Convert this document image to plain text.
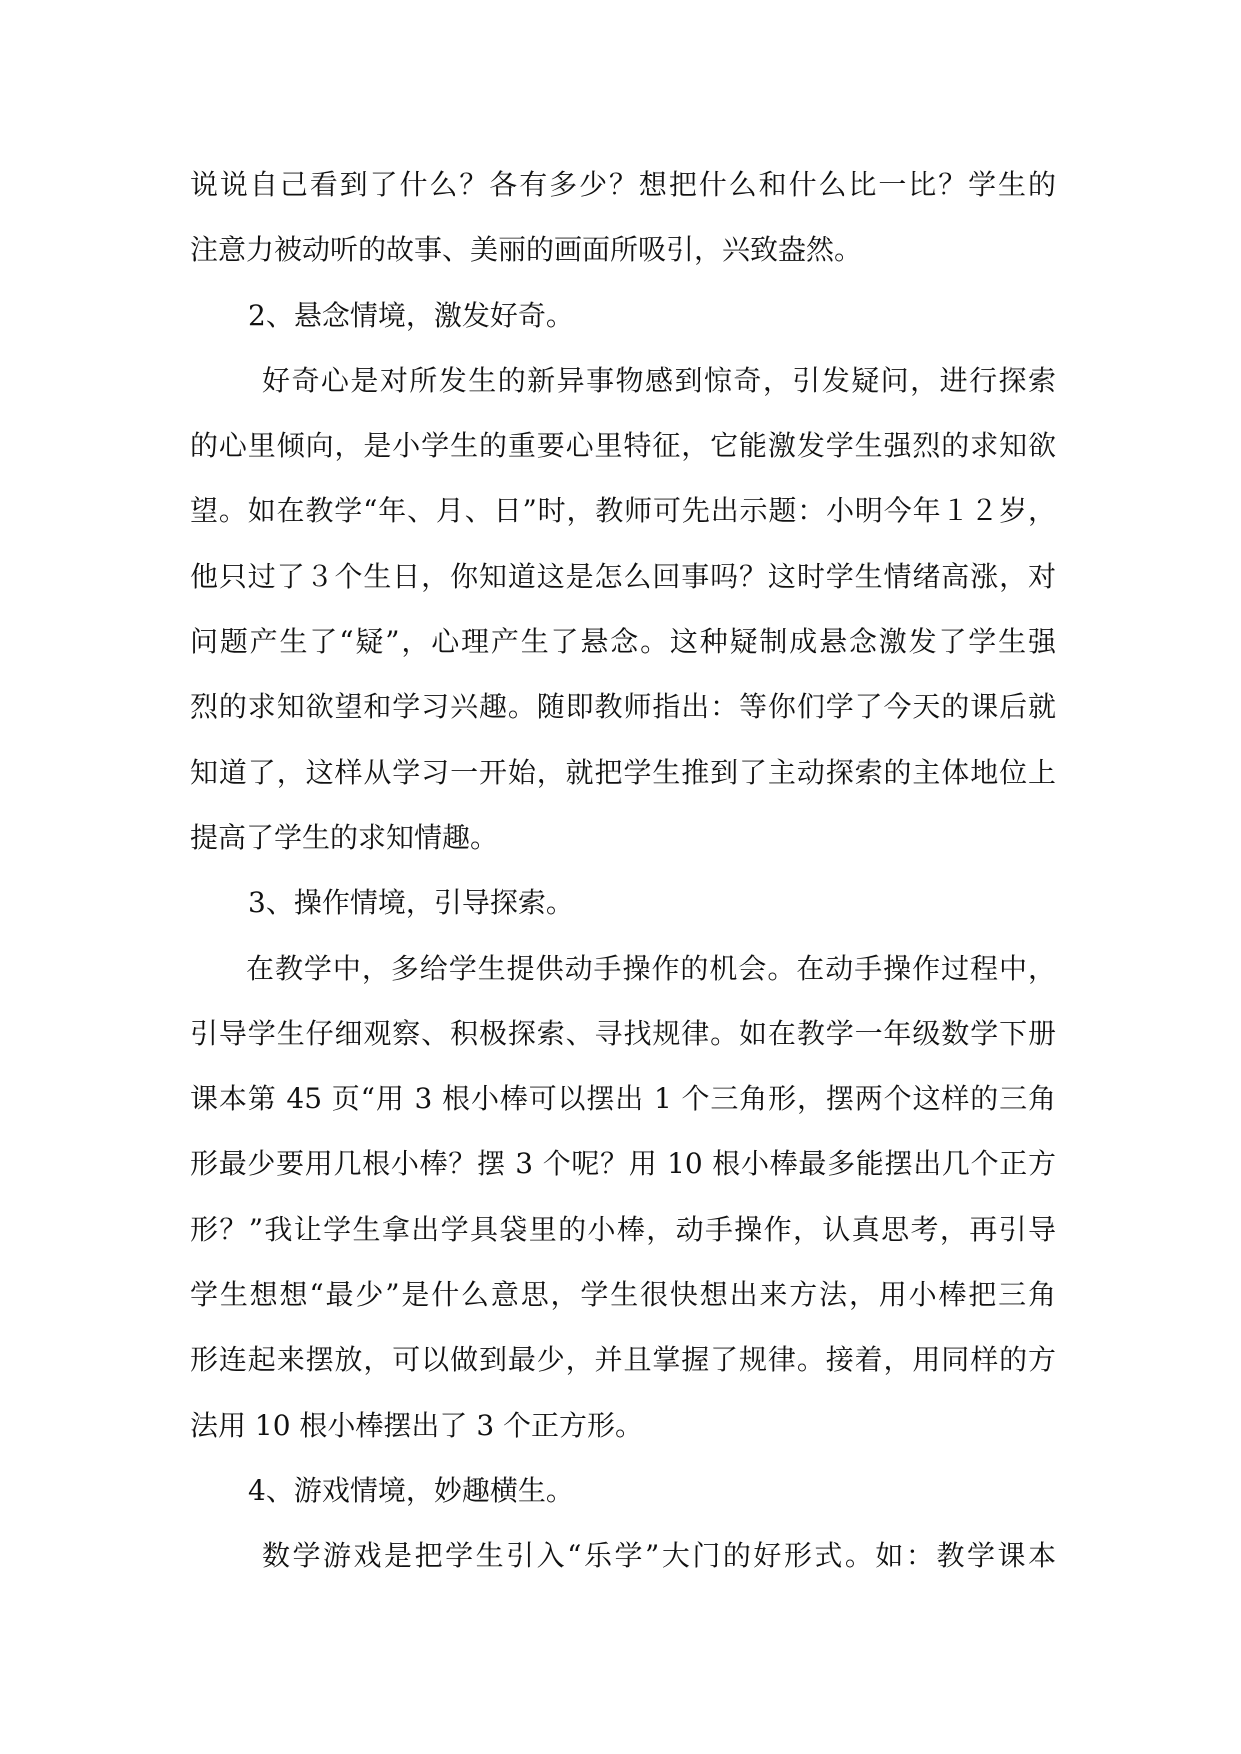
说说自己看到了什么？各有多少？想把什么和什么比一比？学生的
注意力被动听的故事、美丽的画面所吸引，兴致盎然。
2、悬念情境，激发好奇。
好奇心是对所发生的新异事物感到惊奇，引发疑问，进行探索
的心里倾向，是小学生的重要心里特征，它能激发学生强烈的求知欲
望。如在教学“年、月、日”时，教师可先出示题：小明今年１２岁，
他只过了３个生日，你知道这是怎么回事吗？这时学生情绪高涨，对
问题产生了“疑”，心理产生了悬念。这种疑制成悬念激发了学生强
烈的求知欲望和学习兴趣。随即教师指出：等你们学了今天的课后就
知道了，这样从学习一开始，就把学生推到了主动探索的主体地位上
提高了学生的求知情趣。
3、操作情境，引导探索。
在教学中，多给学生提供动手操作的机会。在动手操作过程中，
引导学生仔细观察、积极探索、寻找规律。如在教学一年级数学下册
课本第 45 页“用 3 根小棒可以摆出 1 个三角形，摆两个这样的三角
形最少要用几根小棒？摆 3 个呢？用 10 根小棒最多能摆出几个正方
形？”我让学生拿出学具袋里的小棒，动手操作，认真思考，再引导
学生想想“最少”是什么意思，学生很快想出来方法，用小棒把三角
形连起来摆放，可以做到最少，并且掌握了规律。接着，用同样的方
法用 10 根小棒摆出了 3 个正方形。
4、游戏情境，妙趣横生。
数学游戏是把学生引入“乐学”大门的好形式。如：教学课本
